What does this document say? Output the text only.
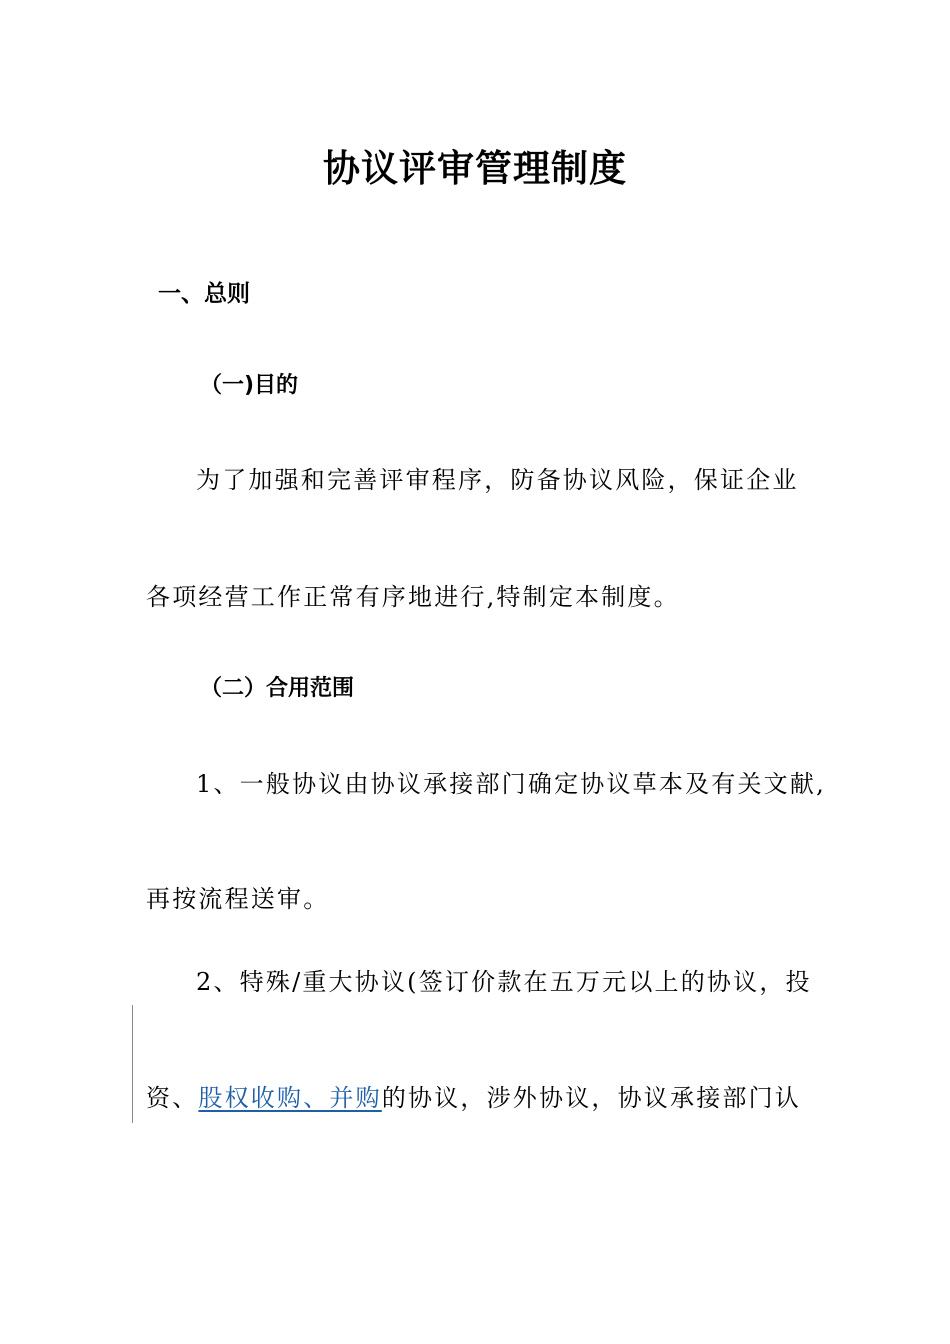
协议评审管理制度
一、总则
（一)目的

为了加强和完善评审程序，防备协议风险，保证企业

各项经营工作正常有序地进行,特制定本制度。

（二）合用范围

1、一般协议由协议承接部门确定协议草本及有关文献,

再按流程送审。

2、特殊/重大协议(签订价款在五万元以上的协议，投

资、股权收购、并购的协议，涉外协议，协议承接部门认
